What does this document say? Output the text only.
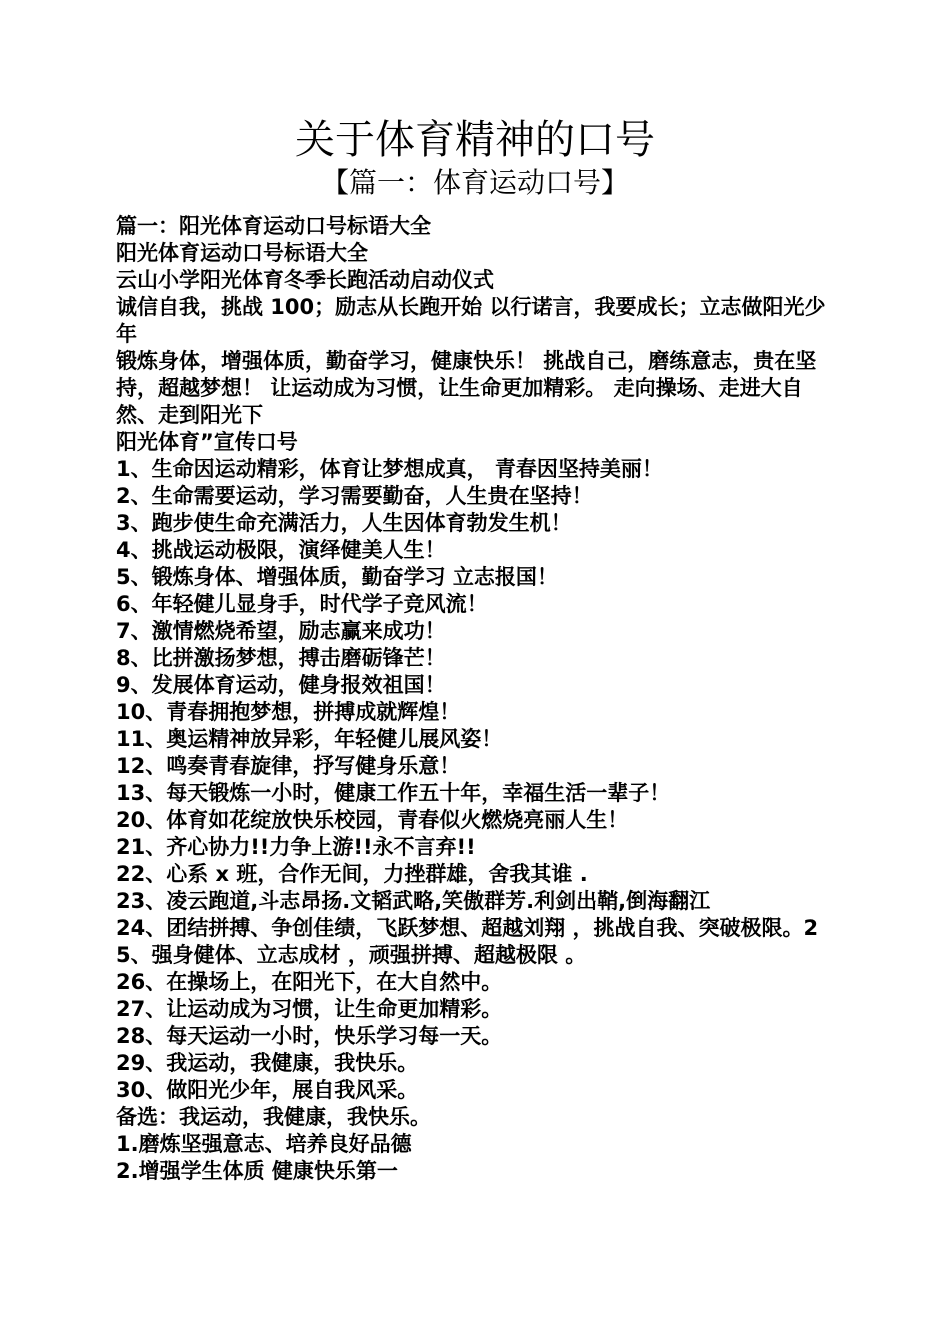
关于体育精神的口号
【篇一：体育运动口号】
篇一：阳光体育运动口号标语大全
阳光体育运动口号标语大全
云山小学阳光体育冬季长跑活动启动仪式
诚信自我，挑战 100；励志从长跑开始 以行诺言，我要成长；立志做阳光少年
锻炼身体，增强体质，勤奋学习，健康快乐！ 挑战自己，磨练意志，贵在坚持，超越梦想！ 让运动成为习惯，让生命更加精彩。 走向操场、走进大自然、走到阳光下
阳光体育”宣传口号
1、生命因运动精彩，体育让梦想成真， 青春因坚持美丽！
2、生命需要运动，学习需要勤奋，人生贵在坚持！
3、跑步使生命充满活力，人生因体育勃发生机！
4、挑战运动极限，演绎健美人生！
5、锻炼身体、增强体质，勤奋学习 立志报国！
6、年轻健儿显身手，时代学子竞风流！
7、激情燃烧希望，励志赢来成功！
8、比拼激扬梦想，搏击磨砺锋芒！
9、发展体育运动，健身报效祖国！
10、青春拥抱梦想，拼搏成就辉煌！
11、奥运精神放异彩，年轻健儿展风姿！
12、鸣奏青春旋律，抒写健身乐意！
13、每天锻炼一小时，健康工作五十年，幸福生活一辈子！
20、体育如花绽放快乐校园，青春似火燃烧亮丽人生！
21、齐心协力!!力争上游!!永不言弃!!
22、心系 x 班，合作无间，力挫群雄，舍我其谁 .
23、凌云跑道,斗志昂扬.文韬武略,笑傲群芳.利剑出鞘,倒海翻江
24、团结拼搏、争创佳绩，飞跃梦想、超越刘翔 ，挑战自我、突破极限。25、强身健体、立志成材 ，顽强拼搏、超越极限 。
26、在操场上，在阳光下，在大自然中。
27、让运动成为习惯，让生命更加精彩。
28、每天运动一小时，快乐学习每一天。
29、我运动，我健康，我快乐。
30、做阳光少年，展自我风采。
备选：我运动，我健康，我快乐。
1.磨炼坚强意志、培养良好品德
2.增强学生体质 健康快乐第一
